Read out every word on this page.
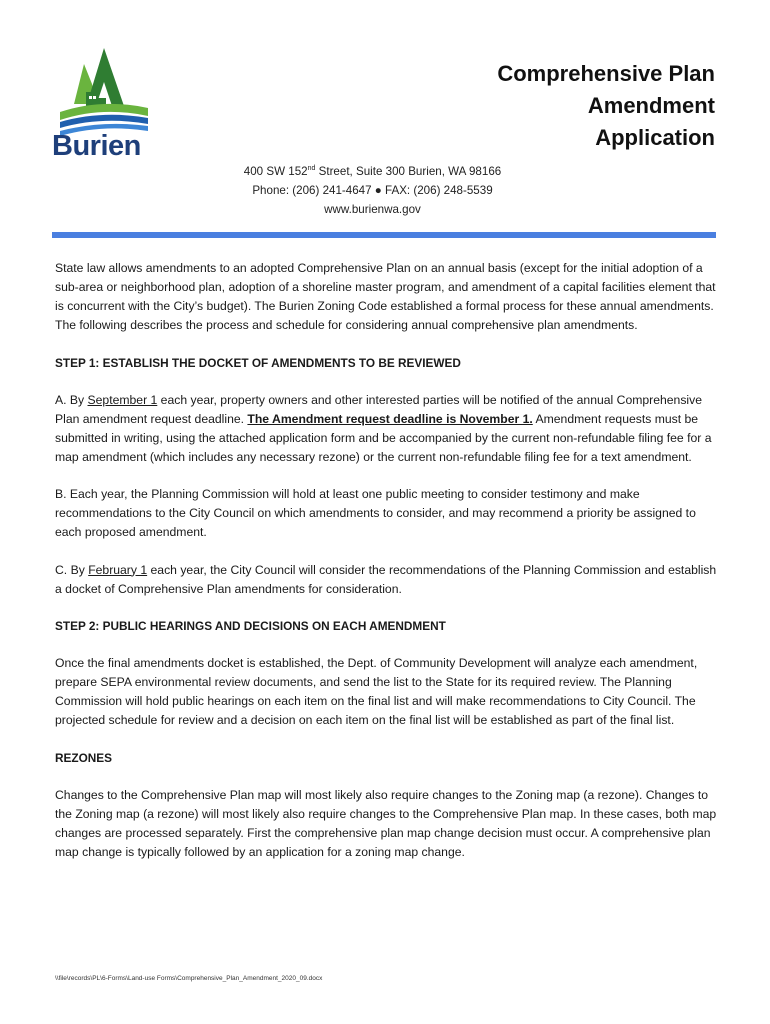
Burien
Comprehensive Plan
Amendment
Application
400 SW 152nd Street, Suite 300 Burien, WA 98166
Phone: (206) 241-4647 ● FAX: (206) 248-5539
www.burienwa.gov

State law allows amendments to an adopted Comprehensive Plan on an annual basis (except for the initial adoption of a sub-area or neighborhood plan, adoption of a shoreline master program, and amendment of a capital facilities element that is concurrent with the City’s budget). The Burien Zoning Code established a formal process for these annual amendments. The following describes the process and schedule for considering annual comprehensive plan amendments.

STEP 1: ESTABLISH THE DOCKET OF AMENDMENTS TO BE REVIEWED

A. By September 1 each year, property owners and other interested parties will be notified of the annual Comprehensive Plan amendment request deadline. The Amendment request deadline is November 1. Amendment requests must be submitted in writing, using the attached application form and be accompanied by the current non-refundable filing fee for a map amendment (which includes any necessary rezone) or the current non-refundable filing fee for a text amendment.

B. Each year, the Planning Commission will hold at least one public meeting to consider testimony and make recommendations to the City Council on which amendments to consider, and may recommend a priority be assigned to each proposed amendment.

C. By February 1 each year, the City Council will consider the recommendations of the Planning Commission and establish a docket of Comprehensive Plan amendments for consideration.

STEP 2: PUBLIC HEARINGS AND DECISIONS ON EACH AMENDMENT

Once the final amendments docket is established, the Dept. of Community Development will analyze each amendment, prepare SEPA environmental review documents, and send the list to the State for its required review. The Planning Commission will hold public hearings on each item on the final list and will make recommendations to City Council. The projected schedule for review and a decision on each item on the final list will be established as part of the final list.

REZONES

Changes to the Comprehensive Plan map will most likely also require changes to the Zoning map (a rezone). Changes to the Zoning map (a rezone) will most likely also require changes to the Comprehensive Plan map. In these cases, both map changes are processed separately. First the comprehensive plan map change decision must occur. A comprehensive plan map change is typically followed by an application for a zoning map change.

\\file\records\PL\6-Forms\Land-use Forms\Comprehensive_Plan_Amendment_2020_09.docx
